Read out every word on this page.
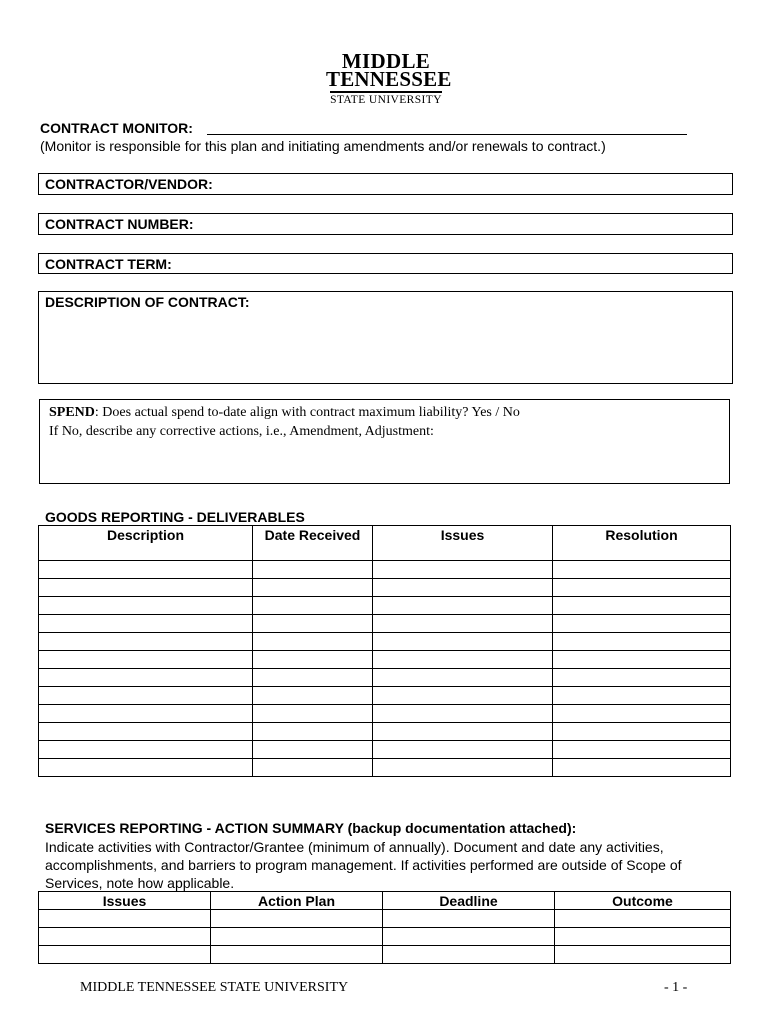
MIDDLE
TENNESSEE
STATE UNIVERSITY
CONTRACT MONITOR:
(Monitor is responsible for this plan and initiating amendments and/or renewals to contract.)
CONTRACTOR/VENDOR:
CONTRACT NUMBER:
CONTRACT TERM:
DESCRIPTION OF CONTRACT:
SPEND: Does actual spend to-date align with contract maximum liability? Yes / No
If No, describe any corrective actions, i.e., Amendment, Adjustment:
GOODS REPORTING - DELIVERABLES
Description	Date Received	Issues	Resolution

SERVICES REPORTING - ACTION SUMMARY (backup documentation attached):
Indicate activities with Contractor/Grantee (minimum of annually). Document and date any activities, accomplishments, and barriers to program management. If activities performed are outside of Scope of Services, note how applicable.
Issues	Action Plan	Deadline	Outcome

MIDDLE TENNESSEE STATE UNIVERSITY	- 1 -
